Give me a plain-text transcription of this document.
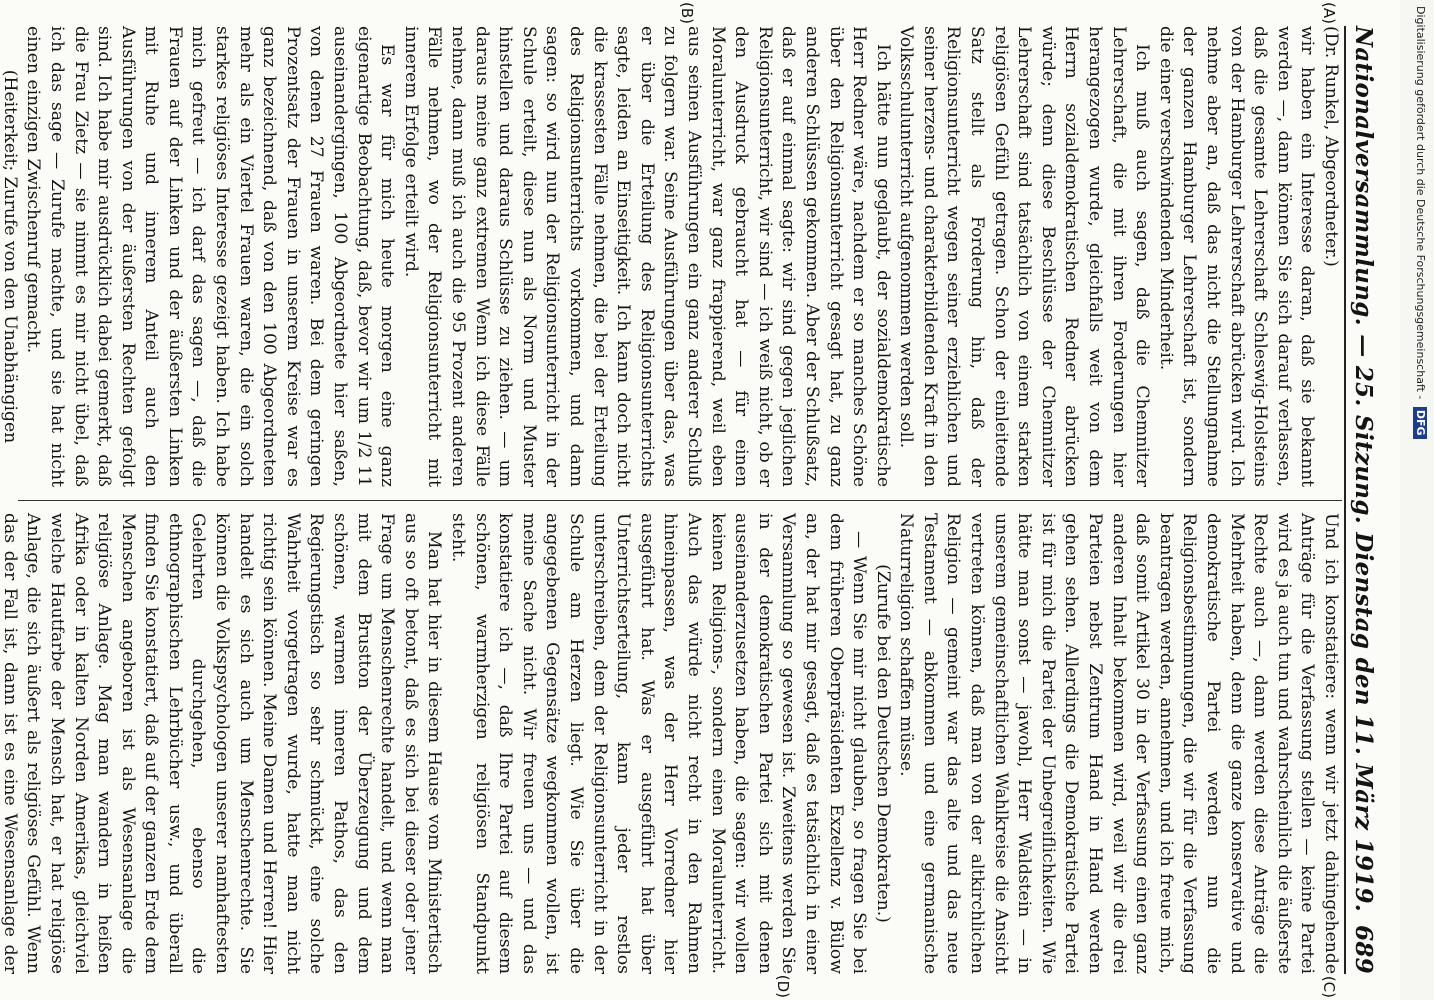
Nationalversammlung. — 25. Sitzung. Dienstag den 11. März 1919.
689
(A)
(B)

(Dr. Runkel, Abgeordneter.)

wir haben ein Interesse daran, daß sie bekannt werden —, dann können Sie sich darauf verlassen, daß die gesamte Lehrerschaft Schleswig-Holsteins von der Hamburger Lehrerschaft abrücken wird. Ich nehme aber an, daß das nicht die Stellungnahme der ganzen Hamburger Lehrerschaft ist, sondern die einer verschwindenden Minderheit.

Ich muß auch sagen, daß die Chemnitzer Lehrerschaft, die mit ihren Forderungen hier herangezogen wurde, gleichfalls weit von dem Herrn sozialdemokratischen Redner abrücken würde; denn diese Beschlüsse der Chemnitzer Lehrerschaft sind tatsächlich von einem starken religiösen Gefühl getragen. Schon der einleitende Satz stellt als Forderung hin, daß der Religionsunterricht wegen seiner erziehlichen und seiner herzens- und charakterbildenden Kraft in den Volksschulunterricht aufgenommen werden soll.

Ich hätte nun geglaubt, der sozialdemokratische Herr Redner wäre, nachdem er so manches Schöne über den Religionsunterricht gesagt hat, zu ganz anderen Schlüssen gekommen. Aber der Schlußsatz, daß er auf einmal sagte: wir sind gegen jeglichen Religionsunterricht, wir sind — ich weiß nicht, ob er den Ausdruck gebraucht hat — für einen Moralunterricht, war ganz frappierend, weil eben aus seinen Ausführungen ein ganz anderer Schluß zu folgern war. Seine Ausführungen über das, was er über die Erteilung des Religionsunterrichts sagte, leiden an Einseitigkeit. Ich kann doch nicht die krassesten Fälle nehmen, die bei der Erteilung des Religionsunterrichts vorkommen, und dann sagen: so wird nun der Religionsunterricht in der Schule erteilt, diese nun als Norm und Muster hinstellen und daraus Schlüsse zu ziehen. — um daraus meine ganz extremen Wenn ich diese Fälle nehme, dann muß ich auch die 95 Prozent anderen Fälle nehmen, wo der Religionsunterricht mit innerem Erfolge erteilt wird.

Es war für mich heute morgen eine ganz eigenartige Beobachtung, daß, bevor wir um 1/2 11 auseinandergingen, 100 Abgeordnete hier saßen, von denen 27 Frauen waren. Bei dem geringen Prozentsatz der Frauen in unserem Kreise war es ganz bezeichnend, daß von den 100 Abgeordneten mehr als ein Viertel Frauen waren, die ein solch starkes religiöses Interesse gezeigt haben. Ich habe mich gefreut — ich darf das sagen —, daß die Frauen auf der Linken und der äußersten Linken mit Ruhe und innerem Anteil auch den Ausführungen von der äußersten Rechten gefolgt sind. Ich habe mir ausdrücklich dabei gemerkt, daß die Frau Zietz — sie nimmt es mir nicht übel, daß ich das sage — Zurufe machte, und sie hat nicht einen einzigen Zwischenruf gemacht.

(Heiterkeit; Zurufe von den Unabhängigen

(C)
(D)

Und ich konstatiere: wenn wir jetzt dahingehende Anträge für die Verfassung stellen — keine Partei wird es ja auch tun und wahrscheinlich die äußerste Rechte auch —, dann werden diese Anträge die Mehrheit haben, denn die ganze konservative und demokratische Partei werden nun die Religionsbestimmungen, die wir für die Verfassung beantragen werden, annehmen, und ich freue mich, daß somit Artikel 30 in der Verfassung einen ganz anderen Inhalt bekommen wird, weil wir die drei Parteien nebst Zentrum Hand in Hand werden gehen sehen. Allerdings die Demokratische Partei ist für mich die Partei der Unbegreiflichkeiten. Wie hätte man sonst — jawohl, Herr Waldstein — in unserem gemeinschaftlichen Wahlkreise die Ansicht vertreten können, daß man von der altkirchlichen Religion — gemeint war das alte und das neue Testament — abkommen und eine germanische Naturreligion schaffen müsse.

(Zurufe bei den Deutschen Demokraten.)

— Wenn Sie mir nicht glauben, so fragen Sie bei dem früheren Oberpräsidenten Exzellenz v. Bülow an, der hat mir gesagt, daß es tatsächlich in einer Versammlung so gewesen ist. Zweitens werden Sie in der demokratischen Partei sich mit denen auseinanderzusetzen haben, die sagen: wir wollen keinen Religions-, sondern einen Moralunterricht. Auch das würde nicht recht in den Rahmen hineinpassen, was der Herr Vorredner hier ausgeführt hat. Was er ausgeführt hat über Unterrichtserteilung, kann jeder restlos unterschreiben, dem der Religionsunterricht in der Schule am Herzen liegt. Wie Sie über die angegebenen Gegensätze wegkommen wollen, ist meine Sache nicht. Wir freuen uns — und das konstatiere ich —, daß Ihre Partei auf diesem schönen, warmherzigen religiösen Standpunkt steht.

Man hat hier in diesem Hause vom Ministertisch aus so oft betont, daß es sich bei dieser oder jener Frage um Menschenrechte handelt, und wenn man mit dem Brustton der Überzeugung und dem schönen, warmen inneren Pathos, das den Regierungstisch so sehr schmückt, eine solche Wahrheit vorgetragen wurde, hatte man nicht richtig sein können. Meine Damen und Herren! Hier handelt es sich auch um Menschenrechte. Sie können die Volkspsychologen unserer namhaftesten Gelehrten durchgehen, ebenso die ethnographischen Lehrbücher usw., und überall finden Sie konstatiert, daß auf der ganzen Erde dem Menschen angeboren ist als Wesensanlage die religiöse Anlage. Mag man wandern in heißen Afrika oder in kalten Norden Amerikas, gleichviel welche Hautfarbe der Mensch hat, er hat religiöse Anlage, die sich äußert als religiöses Gefühl. Wenn das der Fall ist, dann ist es eine Wesensanlage der

Digitalisierung gefördert durch die Deutsche Forschungsgemeinschaft - DFG
